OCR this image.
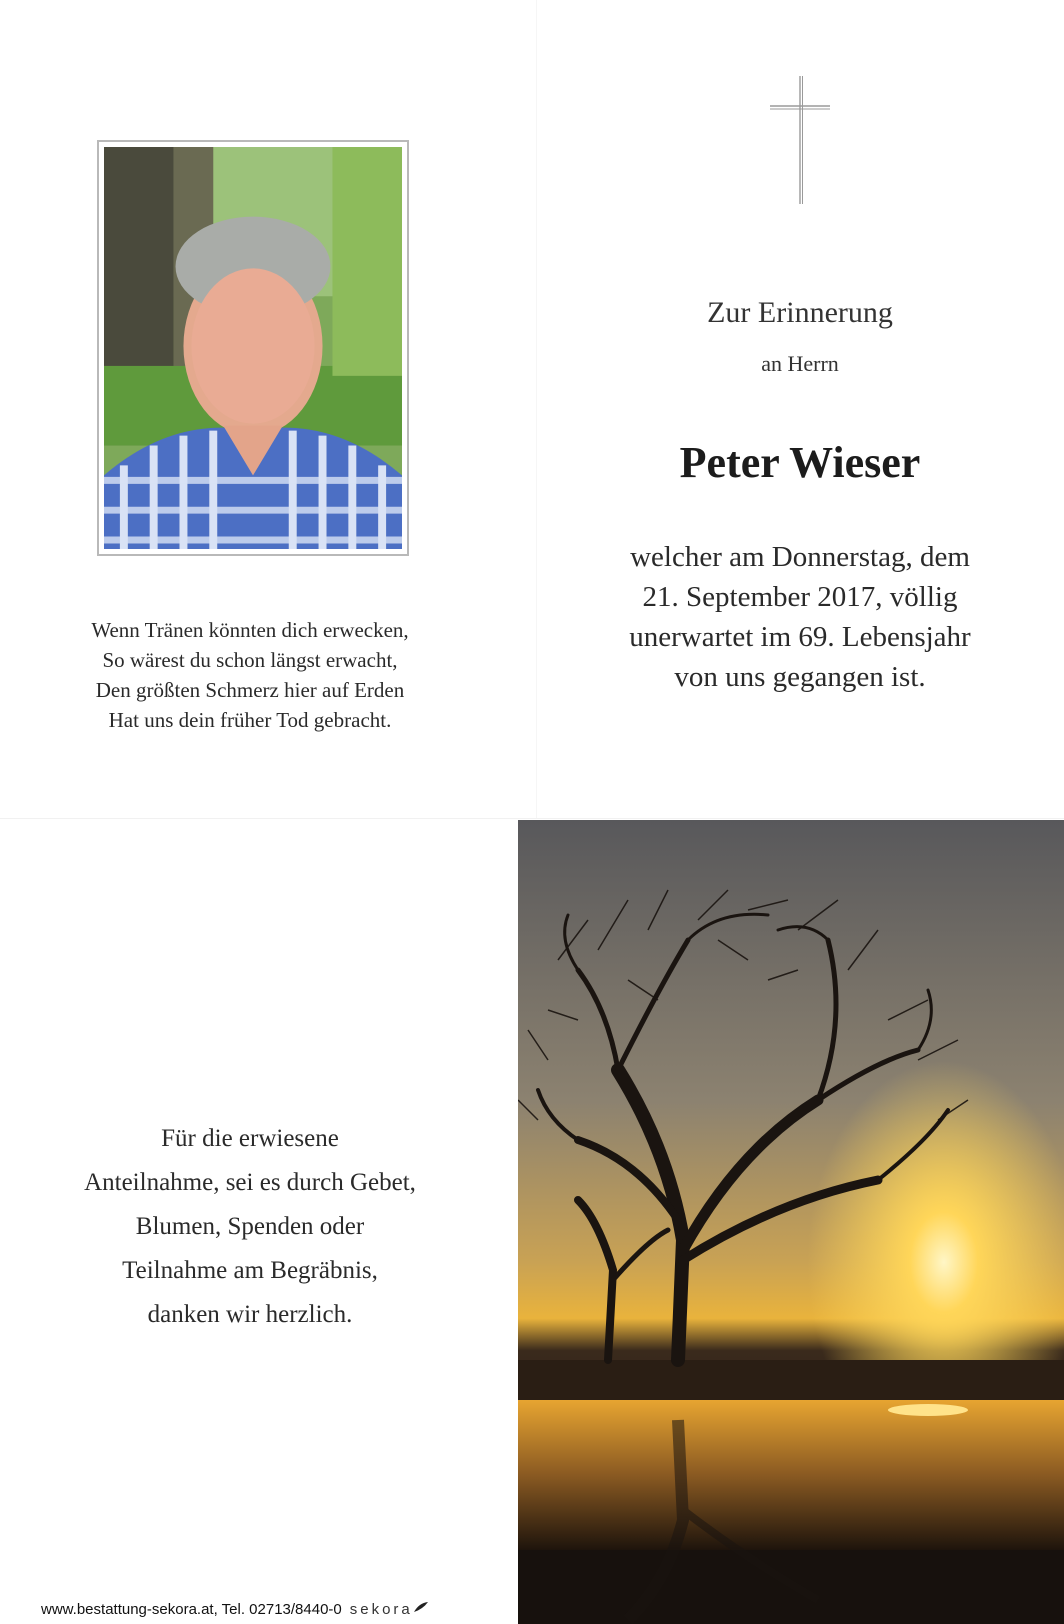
Wenn Tränen könnten dich erwecken,
So wärest du schon längst erwacht,
Den größten Schmerz hier auf Erden
Hat uns dein früher Tod gebracht.
Zur Erinnerung
an Herrn
Peter Wieser
welcher am Donnerstag, dem
21. September 2017, völlig
unerwartet im 69. Lebensjahr
von uns gegangen ist.
Für die erwiesene
Anteilnahme, sei es durch Gebet,
Blumen, Spenden oder
Teilnahme am Begräbnis,
danken wir herzlich.
www.bestattung-sekora.at, Tel. 02713/8440-0 sekora
